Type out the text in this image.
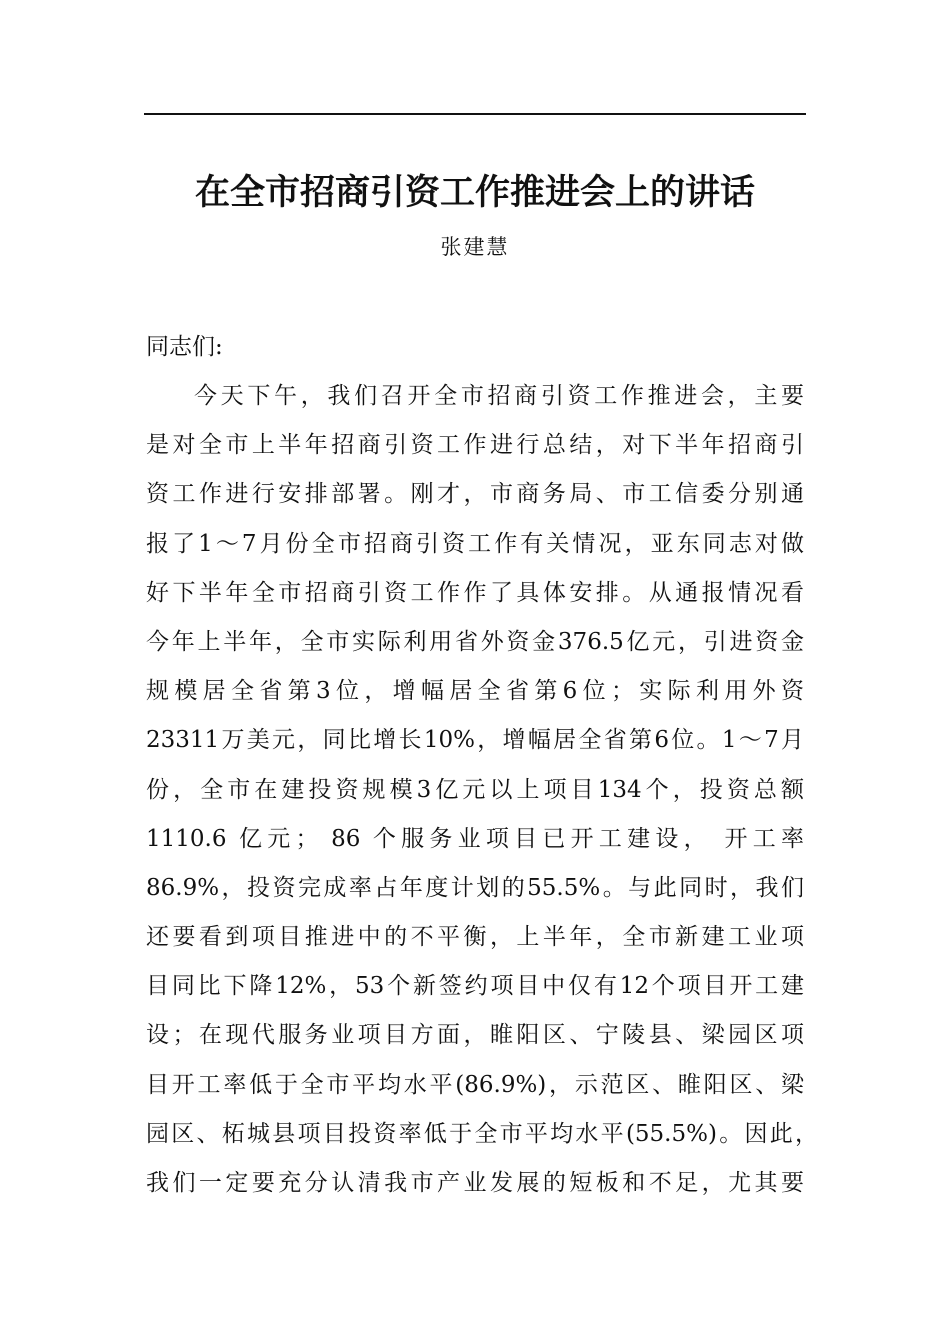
在全市招商引资工作推进会上的讲话
张建慧
同志们:
今天下午，我们召开全市招商引资工作推进会，主要
是对全市上半年招商引资工作进行总结，对下半年招商引
资工作进行安排部署。刚才，市商务局、市工信委分别通
报了1～7月份全市招商引资工作有关情况，亚东同志对做
好下半年全市招商引资工作作了具体安排。从通报情况看
今年上半年，全市实际利用省外资金376.5亿元，引进资金
规模居全省第3位，增幅居全省第6位；实际利用外资
23311万美元，同比增长10%，增幅居全省第6位。1～7月
份，全市在建投资规模3亿元以上项目134个，投资总额
1110.6 亿元； 86 个服务业项目已开工建设， 开工率
86.9%，投资完成率占年度计划的55.5%。与此同时，我们
还要看到项目推进中的不平衡，上半年，全市新建工业项
目同比下降12%，53个新签约项目中仅有12个项目开工建
设；在现代服务业项目方面，睢阳区、宁陵县、梁园区项
目开工率低于全市平均水平(86.9%)，示范区、睢阳区、梁
园区、柘城县项目投资率低于全市平均水平(55.5%)。因此，
我们一定要充分认清我市产业发展的短板和不足，尤其要
